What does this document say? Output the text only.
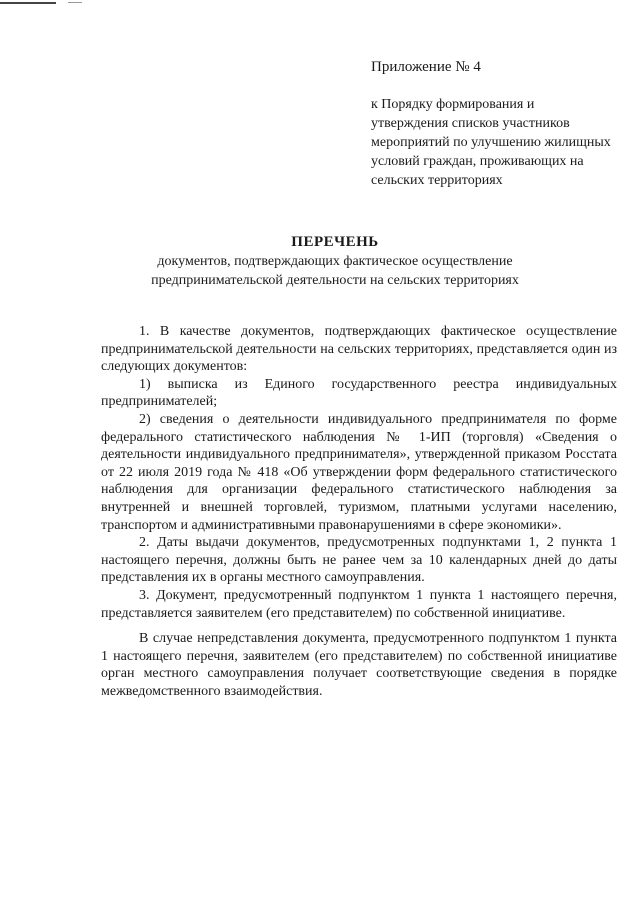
Приложение № 4

к Порядку формирования и утверждения списков участников мероприятий по улучшению жилищных условий граждан, проживающих на сельских территориях

ПЕРЕЧЕНЬ
документов, подтверждающих фактическое осуществление
предпринимательской деятельности на сельских территориях

1. В качестве документов, подтверждающих фактическое осуществление предпринимательской деятельности на сельских территориях, представляется один из следующих документов:

1) выписка из Единого государственного реестра индивидуальных предпринимателей;

2) сведения о деятельности индивидуального предпринимателя по форме федерального статистического наблюдения № 1-ИП (торговля) «Сведения о деятельности индивидуального предпринимателя», утвержденной приказом Росстата от 22 июля 2019 года № 418 «Об утверждении форм федерального статистического наблюдения для организации федерального статистического наблюдения за внутренней и внешней торговлей, туризмом, платными услугами населению, транспортом и административными правонарушениями в сфере экономики».

2. Даты выдачи документов, предусмотренных подпунктами 1, 2 пункта 1 настоящего перечня, должны быть не ранее чем за 10 календарных дней до даты представления их в органы местного самоуправления.

3. Документ, предусмотренный подпунктом 1 пункта 1 настоящего перечня, представляется заявителем (его представителем) по собственной инициативе.

В случае непредставления документа, предусмотренного подпунктом 1 пункта 1 настоящего перечня, заявителем (его представителем) по собственной инициативе орган местного самоуправления получает соответствующие сведения в порядке межведомственного взаимодействия.
